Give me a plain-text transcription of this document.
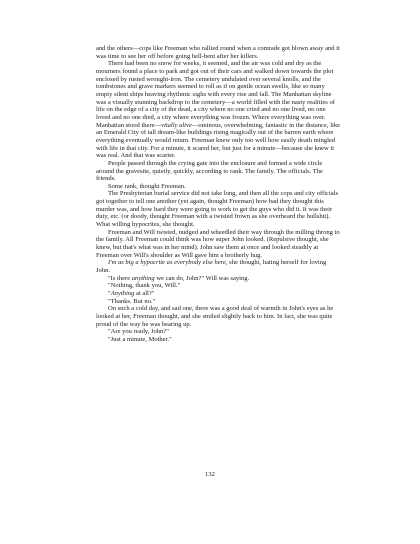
and the others—cops like Freeman who rallied round when a comrade got blown away and it was time to see her off before going hell-bent after her killers.

There had been no snow for weeks, it seemed, and the air was cold and dry as the mourners found a place to park and got out of their cars and walked down towards the plot enclosed by rusted wrought-iron. The cemetery undulated over several knolls, and the tombstones and grave markers seemed to roll as if on gentle ocean swells, like so many empty silent ships heaving rhythmic sighs with every rise and fall. The Manhattan skyline was a visually stunning backdrop to the cemetery—a world filled with the nasty realities of life on the edge of a city of the dead, a city where no one cried and no one lived, no one loved and no one died, a city where everything was frozen. Where everything was over. Manhattan stood there—vitally alive—ominous, overwhelming, fantastic in the distance, like an Emerald City of tall dream-like buildings rising magically out of the barren earth where everything eventually would return. Freeman knew only too well how easily death mingled with life in that city. For a minute, it scared her, but just for a minute—because she knew it was real. And that was scarier.

People passed through the crying gate into the enclosure and formed a wide circle around the gravesite, quietly, quickly, according to rank. The family. The officials. The friends.

Some rank, thought Freeman.

The Presbyterian burial service did not take long, and then all the cops and city officials got together to tell one another (yet again, thought Freeman) how bad they thought this murder was, and how hard they were going to work to get the guys who did it. It was their duty, etc. (or doody, thought Freeman with a twisted frown as she overheard the bullshit). What willing hypocrites, she thought.

Freeman and Will twisted, nudged and wheedled their way through the milling throng to the family. All Freeman could think was how super John looked. (Repulsive thought, she knew, but that's what was in her mind). John saw them at once and looked steadily at Freeman over Will's shoulder as Will gave him a brotherly hug.

I'm as big a hypocrite as everybody else here, she thought, hating herself for loving John.

"Is there anything we can do, John?" Will was saying.

"Nothing, thank you, Will."

"Anything at all?"

"Thanks. But no."

On such a cold day, and sad one, there was a good deal of warmth in John's eyes as he looked at her, Freeman thought, and she smiled slightly back to him. In fact, she was quite proud of the way he was bearing up.

"Are you ready, John?"

"Just a minute, Mother."

132
